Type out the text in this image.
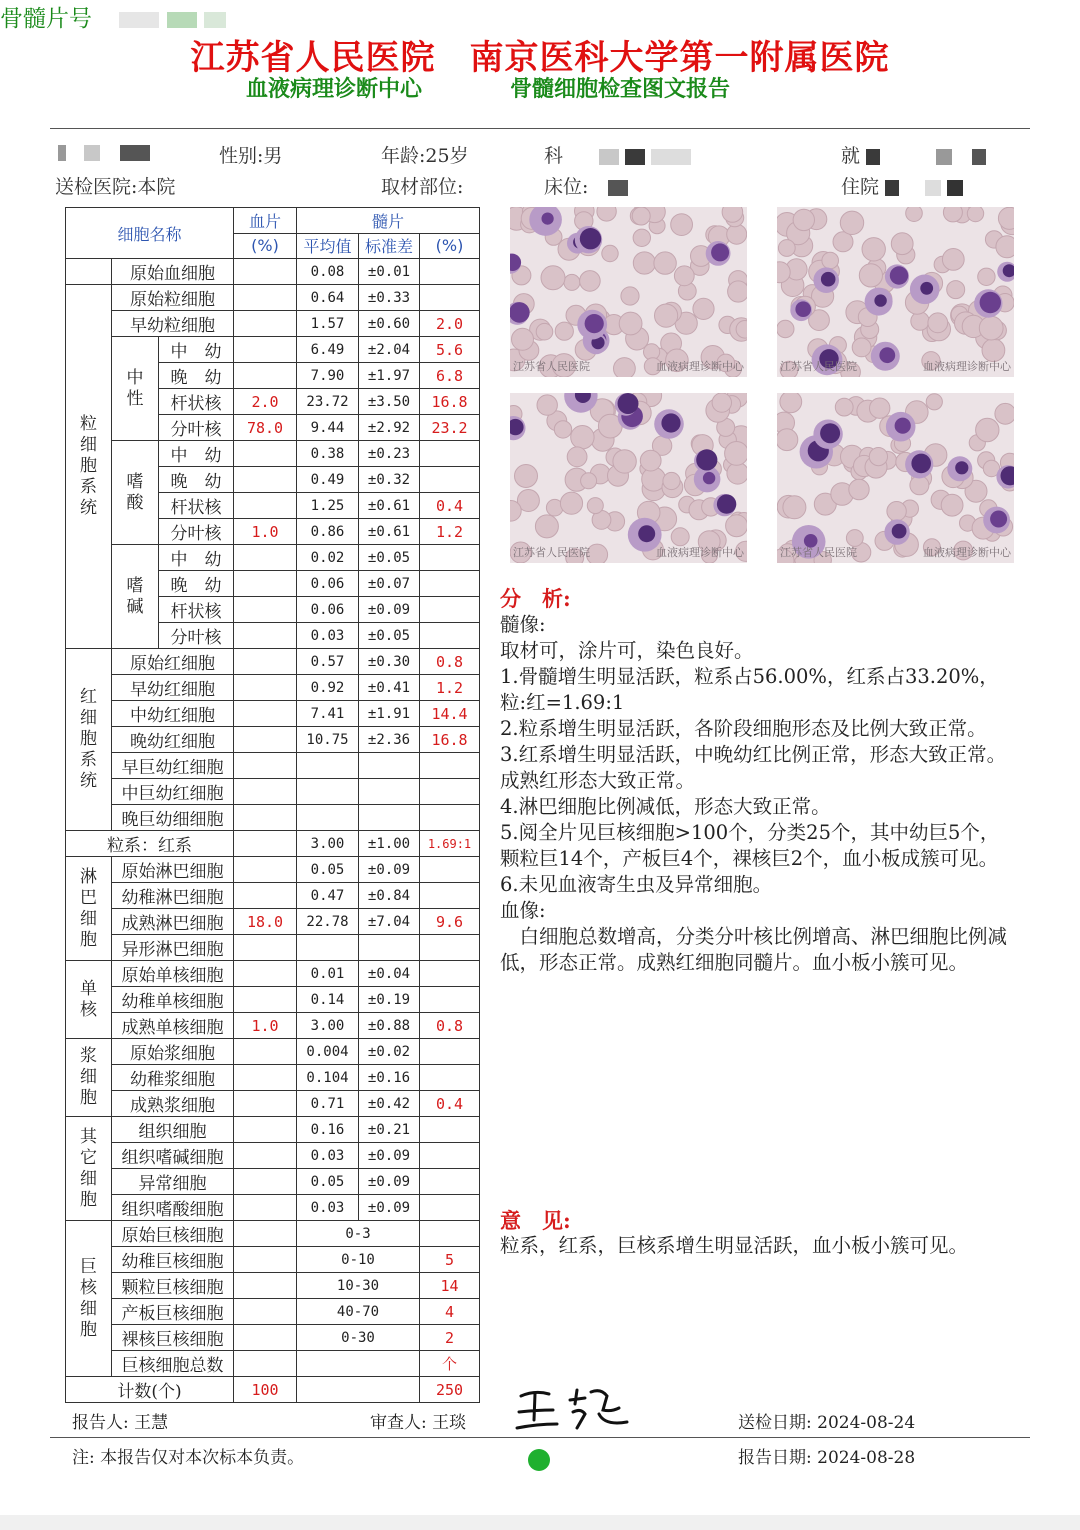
江苏省人民医院 南京医科大学第一附属医院
血液病理诊断中心	骨髓细胞检查图文报告
骨髓片号

性别:男	年龄:25岁	科	就
送检医院:本院	取材部位:	床位:	住院
细胞名称			血片	髓片		
			(%)	平均值	标准差	(%)
	原始血细胞			0.08	±0.01	
粒细胞系统	原始粒细胞			0.64	±0.33	
	早幼粒细胞			1.57	±0.60	2.0
	中性	中　幼		6.49	±2.04	5.6
		晚　幼		7.90	±1.97	6.8
		杆状核	2.0	23.72	±3.50	16.8
		分叶核	78.0	9.44	±2.92	23.2
	嗜酸	中　幼		0.38	±0.23	
		晚　幼		0.49	±0.32	
		杆状核		1.25	±0.61	0.4
		分叶核	1.0	0.86	±0.61	1.2
	嗜碱	中　幼		0.02	±0.05	
		晚　幼		0.06	±0.07	
		杆状核		0.06	±0.09	
		分叶核		0.03	±0.05	
红细胞系统	原始红细胞			0.57	±0.30	0.8
	早幼红细胞			0.92	±0.41	1.2
	中幼红细胞			7.41	±1.91	14.4
	晚幼红细胞			10.75	±2.36	16.8
	早巨幼红细胞					
	中巨幼红细胞					
	晚巨幼细细胞					
粒系：红系				3.00	±1.00	1.69:1
淋巴细胞	原始淋巴细胞			0.05	±0.09	
	幼稚淋巴细胞			0.47	±0.84	
	成熟淋巴细胞		18.0	22.78	±7.04	9.6
	异形淋巴细胞					
单核	原始单核细胞			0.01	±0.04	
	幼稚单核细胞			0.14	±0.19	
	成熟单核细胞		1.0	3.00	±0.88	0.8
浆细胞	原始浆细胞			0.004	±0.02	
	幼稚浆细胞			0.104	±0.16	
	成熟浆细胞			0.71	±0.42	0.4
其它细胞	组织细胞			0.16	±0.21	
	组织嗜碱细胞			0.03	±0.09	
	异常细胞			0.05	±0.09	
	组织嗜酸细胞			0.03	±0.09	
巨核细胞	原始巨核细胞			0-3		
	幼稚巨核细胞			0-10		5
	颗粒巨核细胞			10-30		14
	产板巨核细胞			40-70		4
	裸核巨核细胞			0-30		2
	巨核细胞总数					个
计数(个)			100			250
江苏省人民医院	血液病理诊断中心	江苏省人民医院	血液病理诊断中心
江苏省人民医院	血液病理诊断中心	江苏省人民医院	血液病理诊断中心
分　析:

髓像:

取材可，涂片可，染色良好。

1.骨髓增生明显活跃，粒系占56.00%，红系占33.20%，粒:红=1.69:1

2.粒系增生明显活跃，各阶段细胞形态及比例大致正常。

3.红系增生明显活跃，中晚幼红比例正常，形态大致正常。成熟红形态大致正常。

4.淋巴细胞比例减低，形态大致正常。

5.阅全片见巨核细胞>100个，分类25个，其中幼巨5个，颗粒巨14个，产板巨4个，裸核巨2个，血小板成簇可见。

6.未见血液寄生虫及异常细胞。

血像:

　白细胞总数增高，分类分叶核比例增高、淋巴细胞比例减低，形态正常。成熟红细胞同髓片。血小板小簇可见。

意　见:
粒系，红系，巨核系增生明显活跃，血小板小簇可见。
报告人: 王慧	审查人: 王琰	送检日期: 2024-08-24
注: 本报告仅对本次标本负责。	报告日期: 2024-08-28
